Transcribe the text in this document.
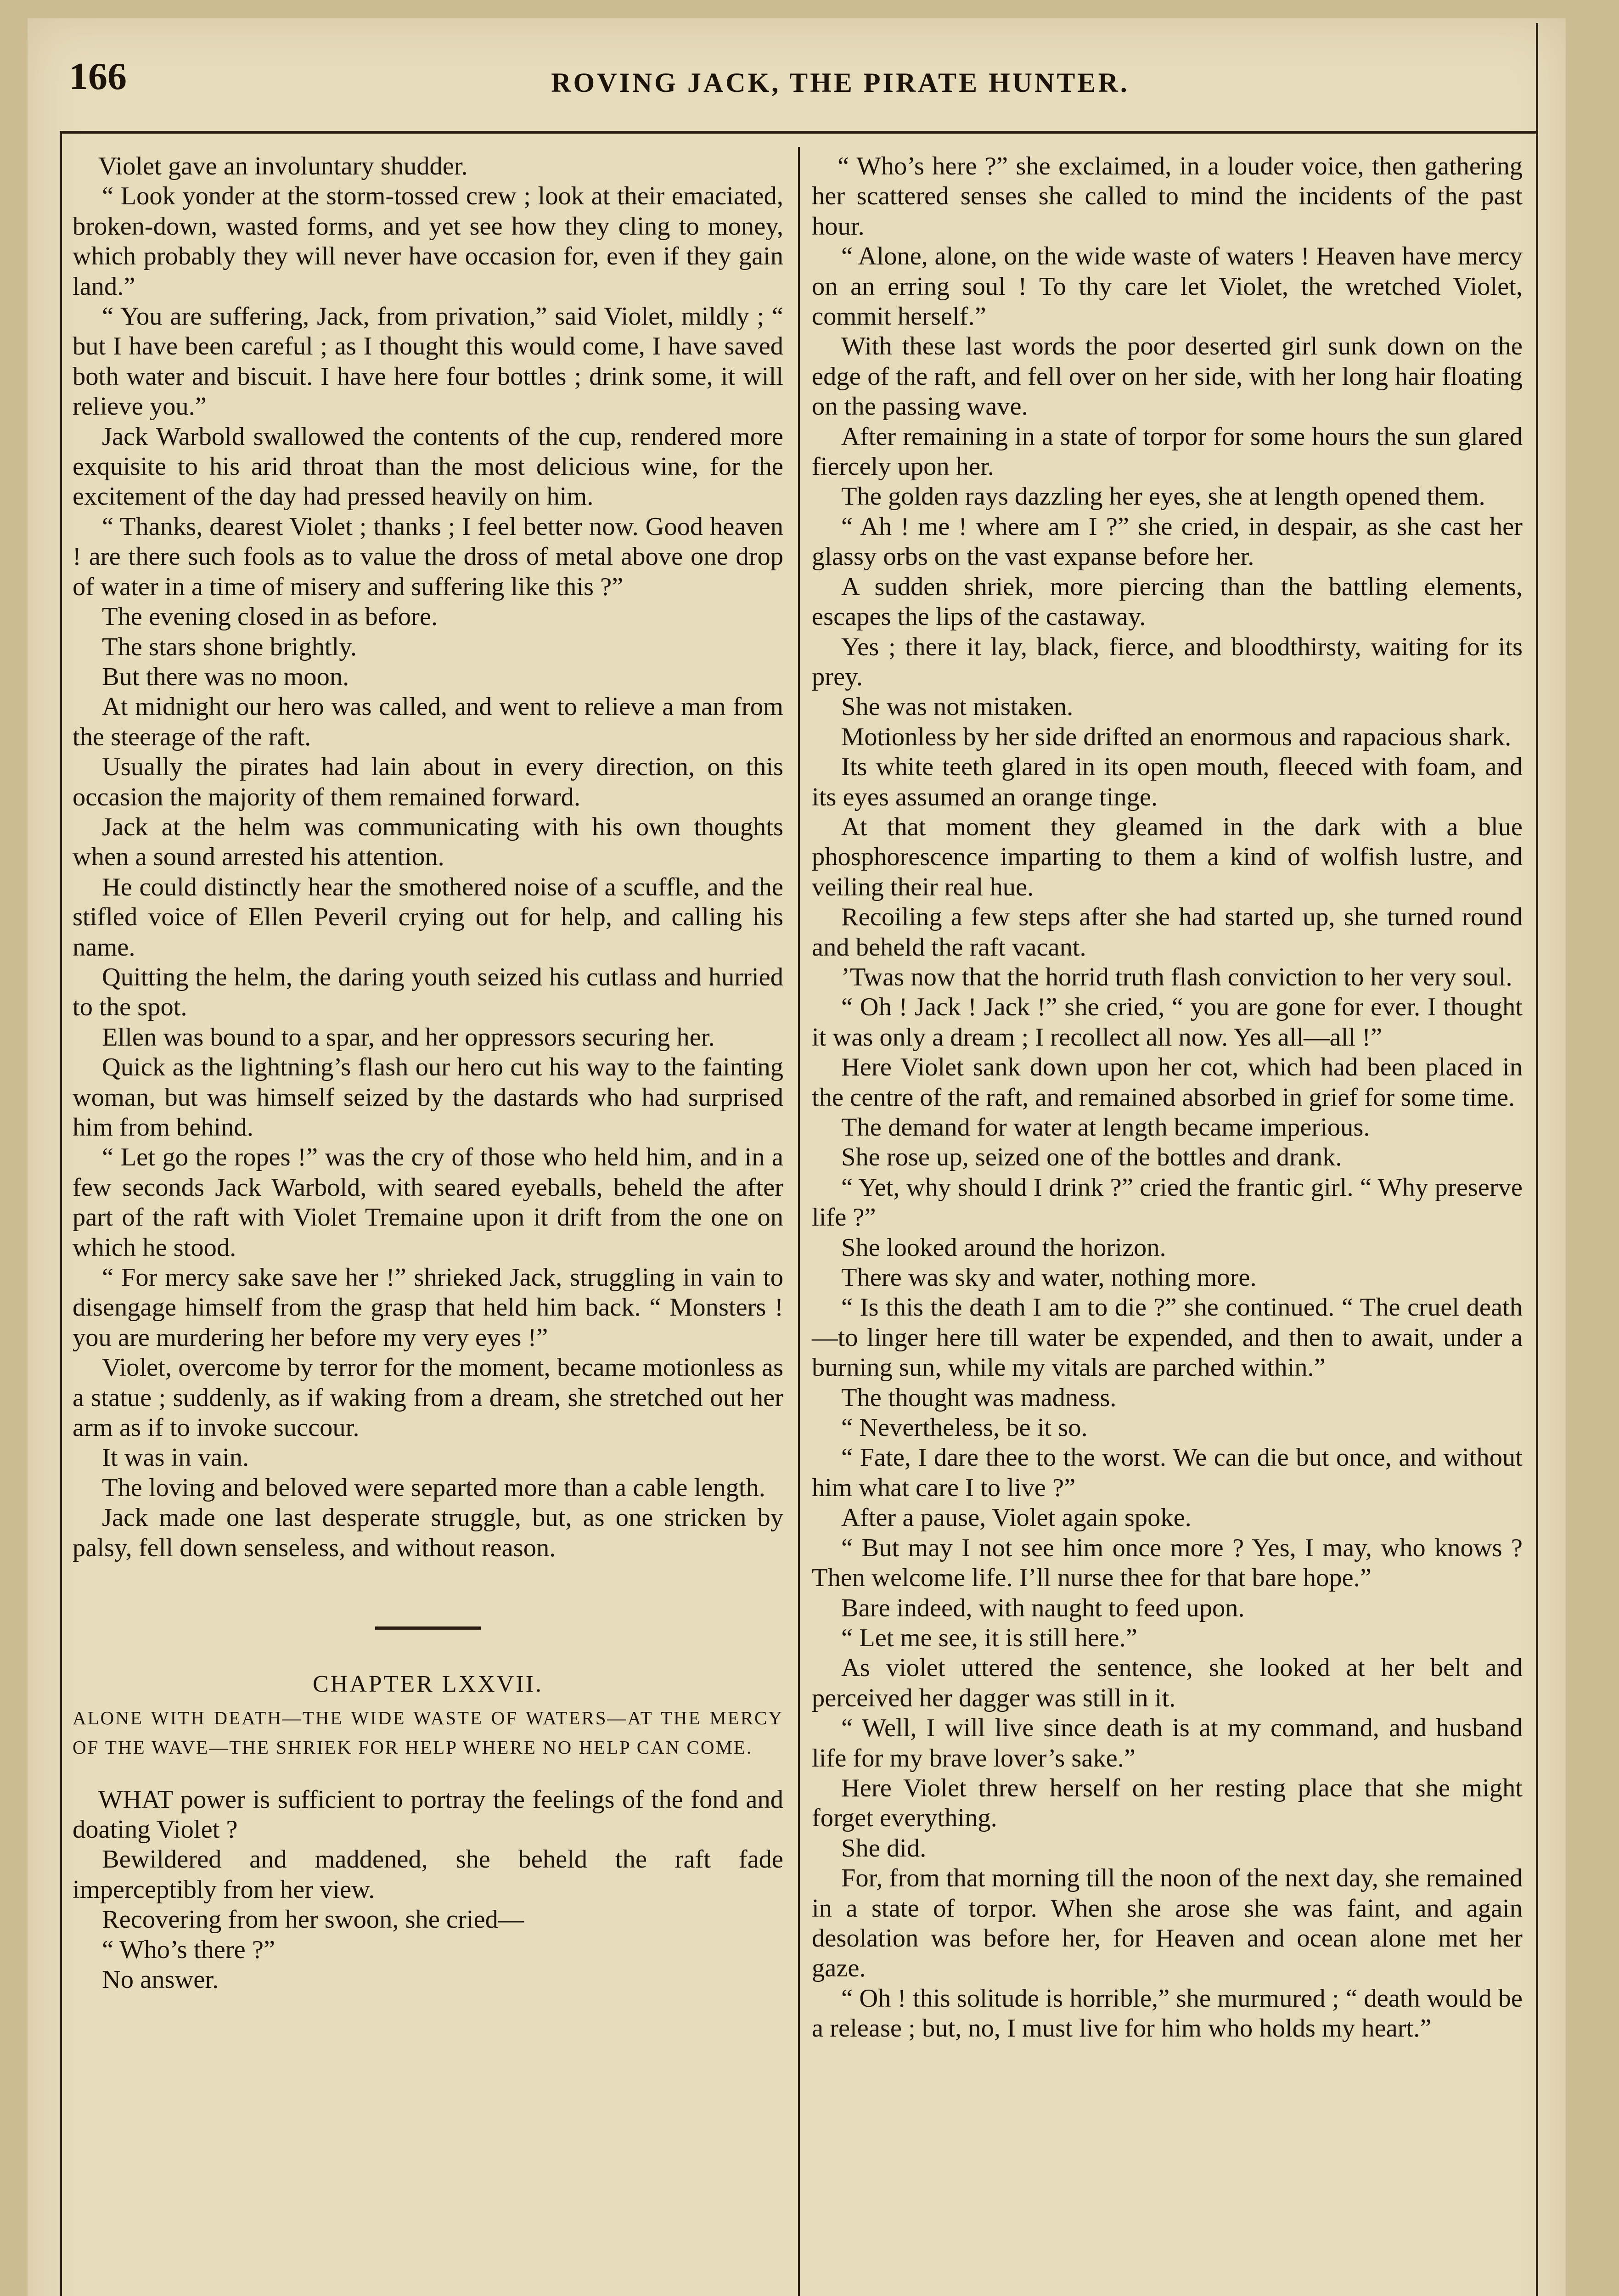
166	ROVING JACK, THE PIRATE HUNTER.

Violet gave an involuntary shudder.

“ Look yonder at the storm-tossed crew ; look at their emaciated, broken-down, wasted forms, and yet see how they cling to money, which probably they will never have occasion for, even if they gain land.”

“ You are suffering, Jack, from privation,” said Violet, mildly ; “ but I have been careful ; as I thought this would come, I have saved both water and biscuit. I have here four bottles ; drink some, it will relieve you.”

Jack Warbold swallowed the contents of the cup, rendered more exquisite to his arid throat than the most delicious wine, for the excitement of the day had pressed heavily on him.

“ Thanks, dearest Violet ; thanks ; I feel better now. Good heaven ! are there such fools as to value the dross of metal above one drop of water in a time of misery and suffering like this ?”

The evening closed in as before.

The stars shone brightly.

But there was no moon.

At midnight our hero was called, and went to relieve a man from the steerage of the raft.

Usually the pirates had lain about in every direction, on this occasion the majority of them remained forward.

Jack at the helm was communicating with his own thoughts when a sound arrested his attention.

He could distinctly hear the smothered noise of a scuffle, and the stifled voice of Ellen Peveril crying out for help, and calling his name.

Quitting the helm, the daring youth seized his cutlass and hurried to the spot.

Ellen was bound to a spar, and her oppressors securing her.

Quick as the lightning’s flash our hero cut his way to the fainting woman, but was himself seized by the dastards who had surprised him from behind.

“ Let go the ropes !” was the cry of those who held him, and in a few seconds Jack Warbold, with seared eyeballs, beheld the after part of the raft with Violet Tremaine upon it drift from the one on which he stood.

“ For mercy sake save her !” shrieked Jack, struggling in vain to disengage himself from the grasp that held him back. “ Monsters ! you are murdering her before my very eyes !”

Violet, overcome by terror for the moment, became motionless as a statue ; suddenly, as if waking from a dream, she stretched out her arm as if to invoke succour.

It was in vain.

The loving and beloved were separted more than a cable length.

Jack made one last desperate struggle, but, as one stricken by palsy, fell down senseless, and without reason.

CHAPTER LXXVII.

ALONE WITH DEATH—THE WIDE WASTE OF WATERS—AT THE MERCY OF THE WAVE—THE SHRIEK FOR HELP WHERE NO HELP CAN COME.

WHAT power is sufficient to portray the feelings of the fond and doating Violet ?

Bewildered and maddened, she beheld the raft fade imperceptibly from her view.

Recovering from her swoon, she cried—

“ Who’s there ?”

No answer.

“ Who’s here ?” she exclaimed, in a louder voice, then gathering her scattered senses she called to mind the incidents of the past hour.

“ Alone, alone, on the wide waste of waters ! Heaven have mercy on an erring soul ! To thy care let Violet, the wretched Violet, commit herself.”

With these last words the poor deserted girl sunk down on the edge of the raft, and fell over on her side, with her long hair floating on the passing wave.

After remaining in a state of torpor for some hours the sun glared fiercely upon her.

The golden rays dazzling her eyes, she at length opened them.

“ Ah ! me ! where am I ?” she cried, in despair, as she cast her glassy orbs on the vast expanse before her.

A sudden shriek, more piercing than the battling elements, escapes the lips of the castaway.

Yes ; there it lay, black, fierce, and bloodthirsty, waiting for its prey.

She was not mistaken.

Motionless by her side drifted an enormous and rapacious shark.

Its white teeth glared in its open mouth, fleeced with foam, and its eyes assumed an orange tinge.

At that moment they gleamed in the dark with a blue phosphorescence imparting to them a kind of wolfish lustre, and veiling their real hue.

Recoiling a few steps after she had started up, she turned round and beheld the raft vacant.

’Twas now that the horrid truth flash conviction to her very soul.

“ Oh ! Jack ! Jack !” she cried, “ you are gone for ever. I thought it was only a dream ; I recollect all now. Yes all—all !”

Here Violet sank down upon her cot, which had been placed in the centre of the raft, and remained absorbed in grief for some time.

The demand for water at length became imperious.

She rose up, seized one of the bottles and drank.

“ Yet, why should I drink ?” cried the frantic girl. “ Why preserve life ?”

She looked around the horizon.

There was sky and water, nothing more.

“ Is this the death I am to die ?” she continued. “ The cruel death—to linger here till water be expended, and then to await, under a burning sun, while my vitals are parched within.”

The thought was madness.

“ Nevertheless, be it so.

“ Fate, I dare thee to the worst. We can die but once, and without him what care I to live ?”

After a pause, Violet again spoke.

“ But may I not see him once more ? Yes, I may, who knows ? Then welcome life. I’ll nurse thee for that bare hope.”

Bare indeed, with naught to feed upon.

“ Let me see, it is still here.”

As violet uttered the sentence, she looked at her belt and perceived her dagger was still in it.

“ Well, I will live since death is at my command, and husband life for my brave lover’s sake.”

Here Violet threw herself on her resting place that she might forget everything.

She did.

For, from that morning till the noon of the next day, she remained in a state of torpor. When she arose she was faint, and again desolation was before her, for Heaven and ocean alone met her gaze.

“ Oh ! this solitude is horrible,” she murmured ; “ death would be a release ; but, no, I must live for him who holds my heart.”
